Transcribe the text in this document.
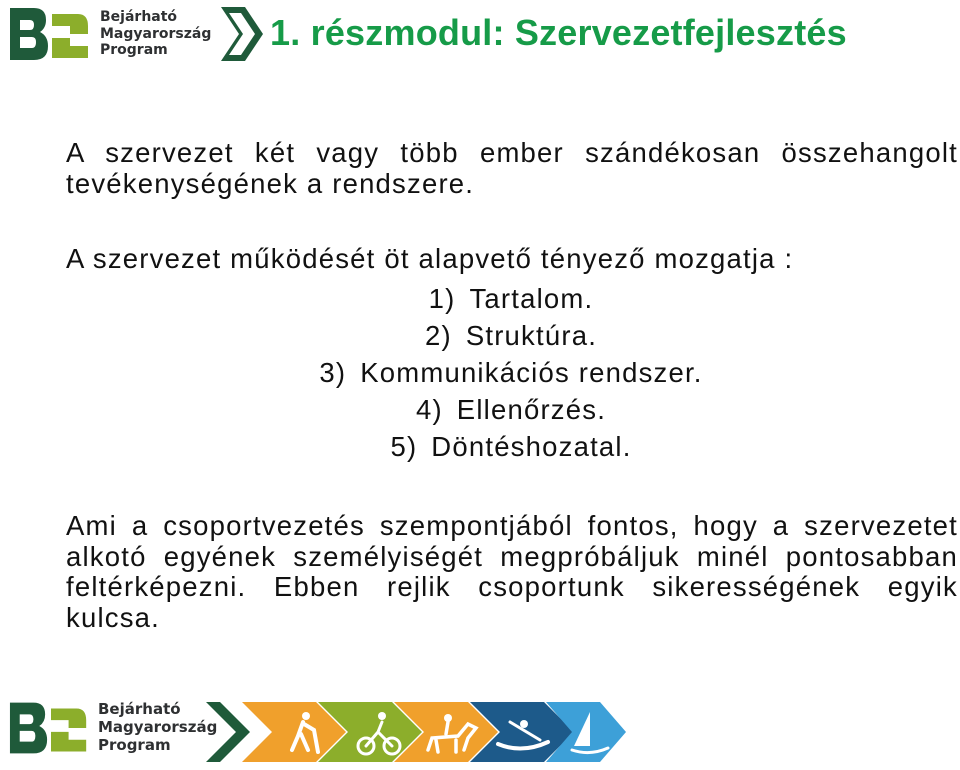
Bejárható
Magyarország
Program	1. részmodul: Szervezetfejlesztés
A szervezet két vagy több ember szándékosan összehangolt tevékenységének a rendszere.
A szervezet működését öt alapvető tényező mozgatja :
1) Tartalom.
2) Struktúra.
3) Kommunikációs rendszer.
4) Ellenőrzés.
5) Döntéshozatal.
Ami a csoportvezetés szempontjából fontos, hogy a szervezetet alkotó egyének személyiségét megpróbáljuk minél pontosabban feltérképezni. Ebben rejlik csoportunk sikerességének egyik kulcsa.
Bejárható
Magyarország
Program
